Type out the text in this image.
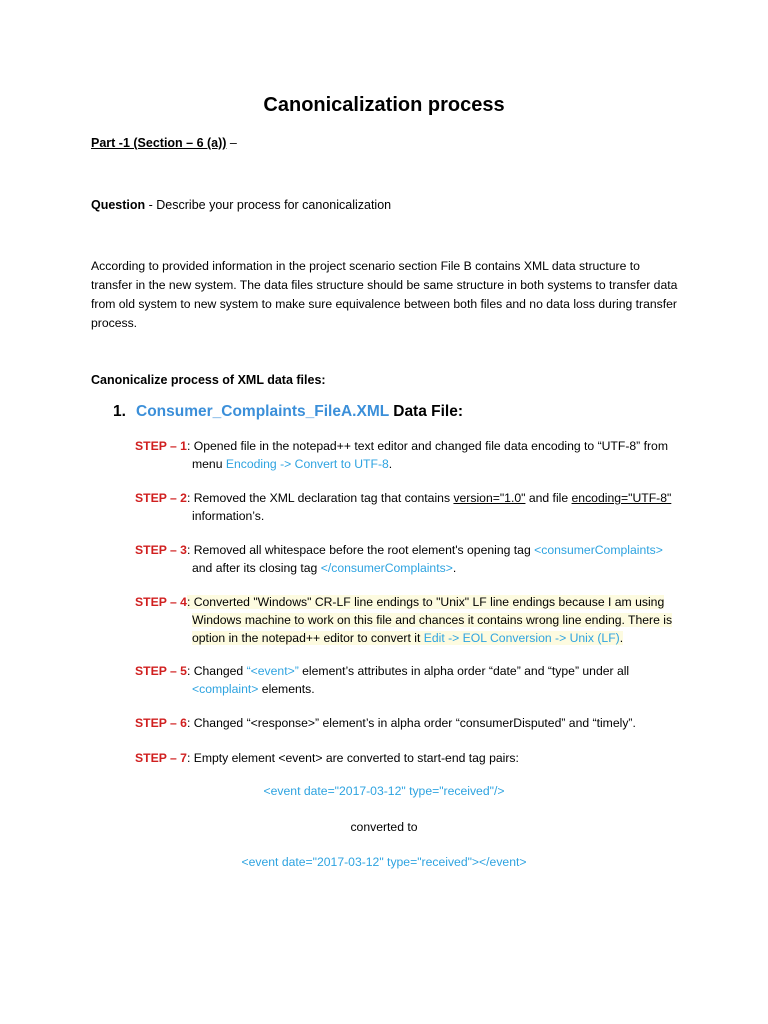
Canonicalization process
Part -1 (Section – 6 (a)) –
Question - Describe your process for canonicalization
According to provided information in the project scenario section File B contains XML data structure to transfer in the new system. The data files structure should be same structure in both systems to transfer data from old system to new system to make sure equivalence between both files and no data loss during transfer process.
Canonicalize process of XML data files:
1. Consumer_Complaints_FileA.XML Data File:
STEP – 1: Opened file in the notepad++ text editor and changed file data encoding to “UTF-8” from
menu Encoding -> Convert to UTF-8.
STEP – 2: Removed the XML declaration tag that contains version="1.0" and file encoding="UTF-8"
information’s.
STEP – 3: Removed all whitespace before the root element's opening tag <consumerComplaints>
and after its closing tag </consumerComplaints>.
STEP – 4: Converted "Windows" CR-LF line endings to "Unix" LF line endings because I am using
Windows machine to work on this file and chances it contains wrong line ending. There is
option in the notepad++ editor to convert it Edit -> EOL Conversion -> Unix (LF).
STEP – 5: Changed “<event>” element’s attributes in alpha order “date” and “type” under all
<complaint> elements.
STEP – 6: Changed “<response>” element’s in alpha order “consumerDisputed” and “timely”.
STEP – 7: Empty element <event> are converted to start-end tag pairs:
<event date="2017-03-12" type="received"/>
converted to
<event date="2017-03-12" type="received"></event>
